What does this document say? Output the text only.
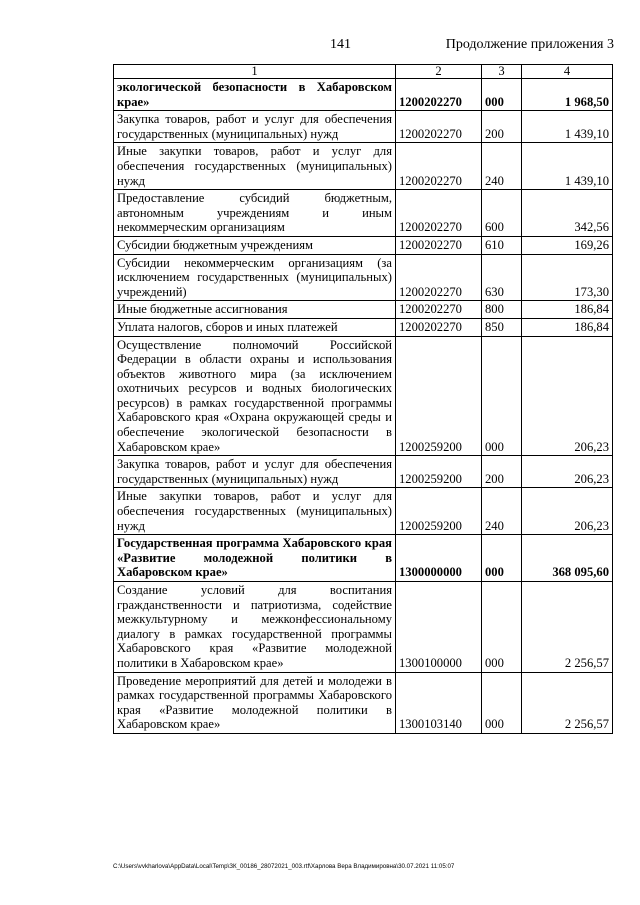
141	Продолжение приложения 3
1	2	3	4
экологической безопасности в Хабаровском крае»	1200202270	000	1 968,50
Закупка товаров, работ и услуг для обеспечения государственных (муниципальных) нужд	1200202270	200	1 439,10
Иные закупки товаров, работ и услуг для обеспечения государственных (муниципальных) нужд	1200202270	240	1 439,10
Предоставление субсидий бюджетным, автономным учреждениям и иным некоммерческим организациям	1200202270	600	342,56
Субсидии бюджетным учреждениям	1200202270	610	169,26
Субсидии некоммерческим организациям (за исключением государственных (муниципальных) учреждений)	1200202270	630	173,30
Иные бюджетные ассигнования	1200202270	800	186,84
Уплата налогов, сборов и иных платежей	1200202270	850	186,84
Осуществление полномочий Российской Федерации в области охраны и использования объектов животного мира (за исключением охотничьих ресурсов и водных биологических ресурсов) в рамках государственной программы Хабаровского края «Охрана окружающей среды и обеспечение экологической безопасности в Хабаровском крае»	1200259200	000	206,23
Закупка товаров, работ и услуг для обеспечения государственных (муниципальных) нужд	1200259200	200	206,23
Иные закупки товаров, работ и услуг для обеспечения государственных (муниципальных) нужд	1200259200	240	206,23
Государственная программа Хабаровского края «Развитие молодежной политики в Хабаровском крае»	1300000000	000	368 095,60
Создание условий для воспитания гражданственности и патриотизма, содействие межкультурному и межконфессиональному диалогу в рамках государственной программы Хабаровского края «Развитие молодежной политики в Хабаровском крае»	1300100000	000	2 256,57
Проведение мероприятий для детей и молодежи в рамках государственной программы Хабаровского края «Развитие молодежной политики в Хабаровском крае»	1300103140	000	2 256,57
C:\Users\vvkharlova\AppData\Local\Temp\ЗК_00186_28072021_003.rtf\Харлова Вера Владимировна\30.07.2021 11:05:07
